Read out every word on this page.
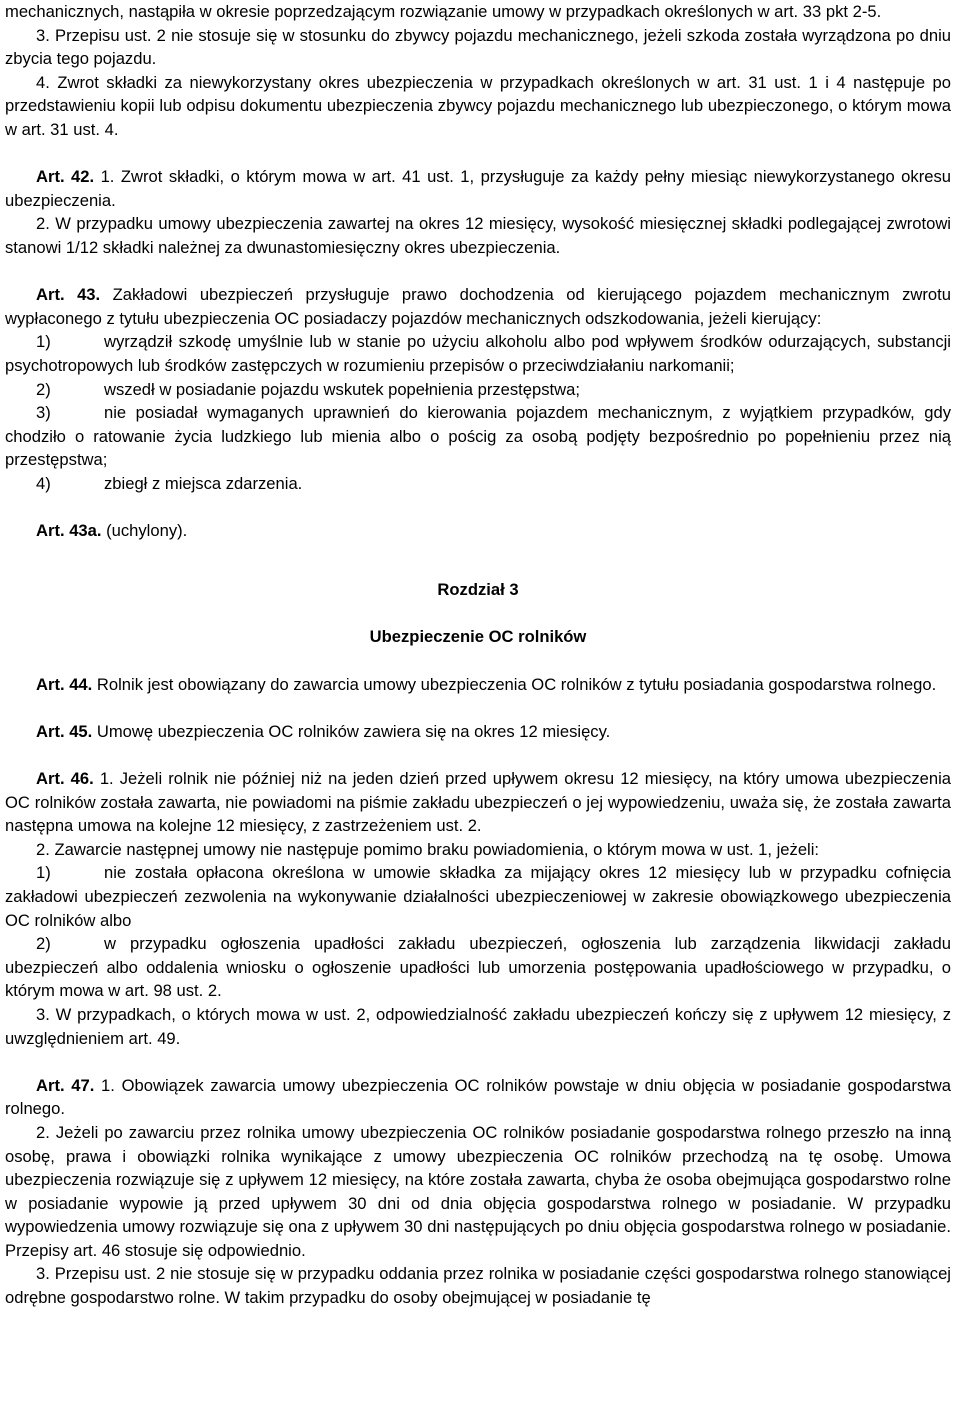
mechanicznych, nastąpiła w okresie poprzedzającym rozwiązanie umowy w przypadkach określonych w art. 33 pkt 2-5.

3. Przepisu ust. 2 nie stosuje się w stosunku do zbywcy pojazdu mechanicznego, jeżeli szkoda została wyrządzona po dniu zbycia tego pojazdu.

4. Zwrot składki za niewykorzystany okres ubezpieczenia w przypadkach określonych w art. 31 ust. 1 i 4 następuje po przedstawieniu kopii lub odpisu dokumentu ubezpieczenia zbywcy pojazdu mechanicznego lub ubezpieczonego, o którym mowa w art. 31 ust. 4.

Art. 42. 1. Zwrot składki, o którym mowa w art. 41 ust. 1, przysługuje za każdy pełny miesiąc niewykorzystanego okresu ubezpieczenia.

2. W przypadku umowy ubezpieczenia zawartej na okres 12 miesięcy, wysokość miesięcznej składki podlegającej zwrotowi stanowi 1/12 składki należnej za dwunastomiesięczny okres ubezpieczenia.

Art. 43. Zakładowi ubezpieczeń przysługuje prawo dochodzenia od kierującego pojazdem mechanicznym zwrotu wypłaconego z tytułu ubezpieczenia OC posiadaczy pojazdów mechanicznych odszkodowania, jeżeli kierujący:

1)	wyrządził szkodę umyślnie lub w stanie po użyciu alkoholu albo pod wpływem środków odurzających, substancji psychotropowych lub środków zastępczych w rozumieniu przepisów o przeciwdziałaniu narkomanii;

2)	wszedł w posiadanie pojazdu wskutek popełnienia przestępstwa;

3)	nie posiadał wymaganych uprawnień do kierowania pojazdem mechanicznym, z wyjątkiem przypadków, gdy chodziło o ratowanie życia ludzkiego lub mienia albo o pościg za osobą podjęty bezpośrednio po popełnieniu przez nią przestępstwa;

4)	zbiegł z miejsca zdarzenia.

Art. 43a. (uchylony).

Rozdział 3

Ubezpieczenie OC rolników

Art. 44. Rolnik jest obowiązany do zawarcia umowy ubezpieczenia OC rolników z tytułu posiadania gospodarstwa rolnego.

Art. 45. Umowę ubezpieczenia OC rolników zawiera się na okres 12 miesięcy.

Art. 46. 1. Jeżeli rolnik nie później niż na jeden dzień przed upływem okresu 12 miesięcy, na który umowa ubezpieczenia OC rolników została zawarta, nie powiadomi na piśmie zakładu ubezpieczeń o jej wypowiedzeniu, uważa się, że została zawarta następna umowa na kolejne 12 miesięcy, z zastrzeżeniem ust. 2.

2. Zawarcie następnej umowy nie następuje pomimo braku powiadomienia, o którym mowa w ust. 1, jeżeli:

1)	nie została opłacona określona w umowie składka za mijający okres 12 miesięcy lub w przypadku cofnięcia zakładowi ubezpieczeń zezwolenia na wykonywanie działalności ubezpieczeniowej w zakresie obowiązkowego ubezpieczenia OC rolników albo

2)	w przypadku ogłoszenia upadłości zakładu ubezpieczeń, ogłoszenia lub zarządzenia likwidacji zakładu ubezpieczeń albo oddalenia wniosku o ogłoszenie upadłości lub umorzenia postępowania upadłościowego w przypadku, o którym mowa w art. 98 ust. 2.

3. W przypadkach, o których mowa w ust. 2, odpowiedzialność zakładu ubezpieczeń kończy się z upływem 12 miesięcy, z uwzględnieniem art. 49.

Art. 47. 1. Obowiązek zawarcia umowy ubezpieczenia OC rolników powstaje w dniu objęcia w posiadanie gospodarstwa rolnego.

2. Jeżeli po zawarciu przez rolnika umowy ubezpieczenia OC rolników posiadanie gospodarstwa rolnego przeszło na inną osobę, prawa i obowiązki rolnika wynikające z umowy ubezpieczenia OC rolników przechodzą na tę osobę. Umowa ubezpieczenia rozwiązuje się z upływem 12 miesięcy, na które została zawarta, chyba że osoba obejmująca gospodarstwo rolne w posiadanie wypowie ją przed upływem 30 dni od dnia objęcia gospodarstwa rolnego w posiadanie. W przypadku wypowiedzenia umowy rozwiązuje się ona z upływem 30 dni następujących po dniu objęcia gospodarstwa rolnego w posiadanie. Przepisy art. 46 stosuje się odpowiednio.

3. Przepisu ust. 2 nie stosuje się w przypadku oddania przez rolnika w posiadanie części gospodarstwa rolnego stanowiącej odrębne gospodarstwo rolne. W takim przypadku do osoby obejmującej w posiadanie tę
